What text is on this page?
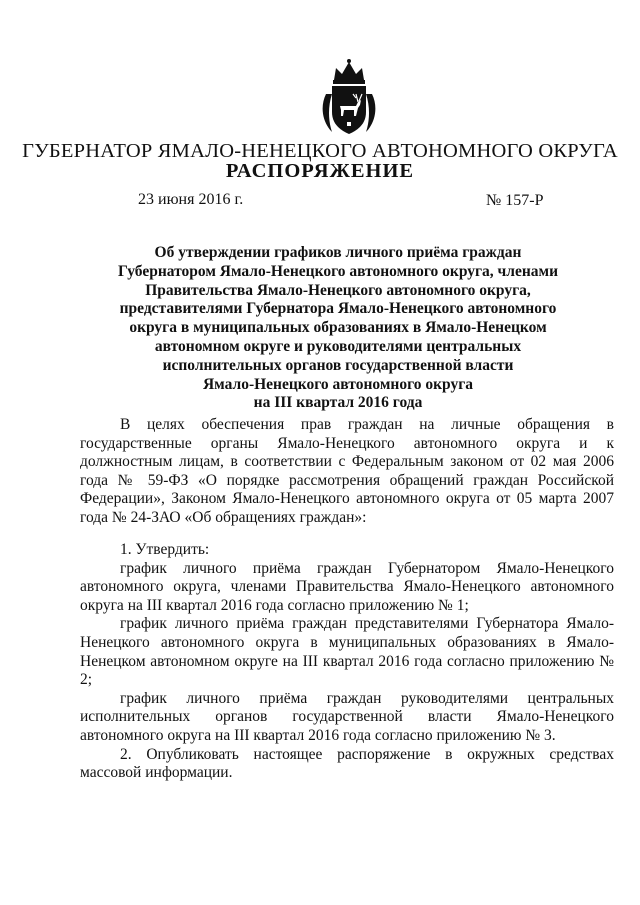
ГУБЕРНАТОР ЯМАЛО-НЕНЕЦКОГО АВТОНОМНОГО ОКРУГА
РАСПОРЯЖЕНИЕ
23 июня 2016 г.	№ 157-Р
Об утверждении графиков личного приёма граждан
Губернатором Ямало-Ненецкого автономного округа, членами
Правительства Ямало-Ненецкого автономного округа,
представителями Губернатора Ямало-Ненецкого автономного
округа в муниципальных образованиях в Ямало-Ненецком
автономном округе и руководителями центральных
исполнительных органов государственной власти
Ямало-Ненецкого автономного округа
на III квартал 2016 года

В целях обеспечения прав граждан на личные обращения в государственные органы Ямало-Ненецкого автономного округа и к должностным лицам, в соответствии с Федеральным законом от 02 мая 2006 года № 59-ФЗ «О порядке рассмотрения обращений граждан Российской Федерации», Законом Ямало-Ненецкого автономного округа от 05 марта 2007 года № 24-ЗАО «Об обращениях граждан»:

1. Утвердить:

график личного приёма граждан Губернатором Ямало-Ненецкого автономного округа, членами Правительства Ямало-Ненецкого автономного округа на III квартал 2016 года согласно приложению № 1;

график личного приёма граждан представителями Губернатора Ямало-Ненецкого автономного округа в муниципальных образованиях в Ямало-Ненецком автономном округе на III квартал 2016 года согласно приложению № 2;

график личного приёма граждан руководителями центральных исполнительных органов государственной власти Ямало-Ненецкого автономного округа на III квартал 2016 года согласно приложению № 3.

2. Опубликовать настоящее распоряжение в окружных средствах массовой информации.
